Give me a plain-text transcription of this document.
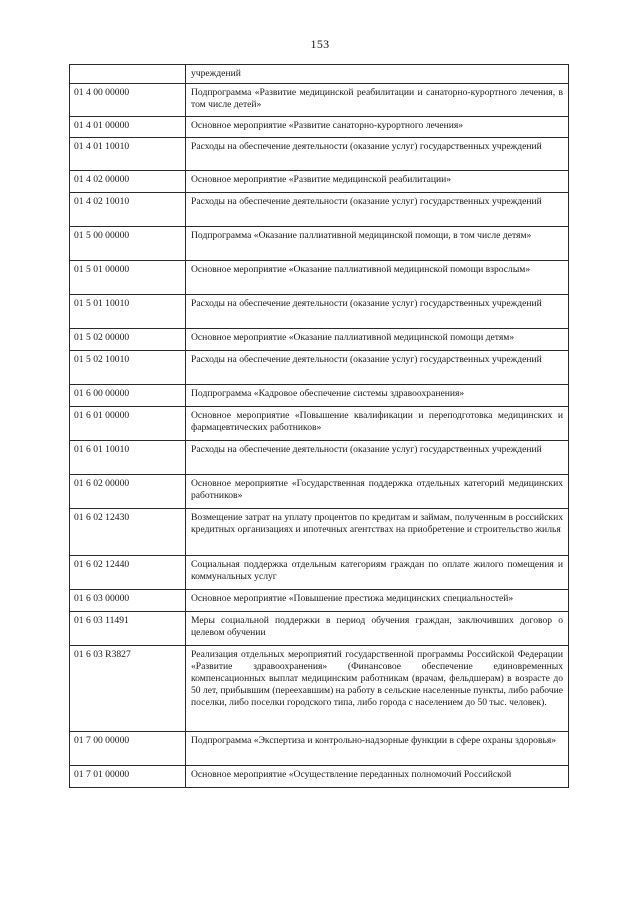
153
	учреждений
01 4 00 00000	Подпрограмма «Развитие медицинской реабилитации и санаторно-курортного лечения, в том числе детей»
01 4 01 00000	Основное мероприятие «Развитие санаторно-курортного лечения»
01 4 01 10010	Расходы на обеспечение деятельности (оказание услуг) государственных учреждений
01 4 02 00000	Основное мероприятие «Развитие медицинской реабилитации»
01 4 02 10010	Расходы на обеспечение деятельности (оказание услуг) государственных учреждений
01 5 00 00000	Подпрограмма «Оказание паллиативной медицинской помощи, в том числе детям»
01 5 01 00000	Основное мероприятие «Оказание паллиативной медицинской помощи взрослым»
01 5 01 10010	Расходы на обеспечение деятельности (оказание услуг) государственных учреждений
01 5 02 00000	Основное мероприятие «Оказание паллиативной медицинской помощи детям»
01 5 02 10010	Расходы на обеспечение деятельности (оказание услуг) государственных учреждений
01 6 00 00000	Подпрограмма «Кадровое обеспечение системы здравоохранения»
01 6 01 00000	Основное мероприятие «Повышение квалификации и переподготовка медицинских и фармацевтических работников»
01 6 01 10010	Расходы на обеспечение деятельности (оказание услуг) государственных учреждений
01 6 02 00000	Основное мероприятие «Государственная поддержка отдельных категорий медицинских работников»
01 6 02 12430	Возмещение затрат на уплату процентов по кредитам и займам, полученным в российских кредитных организациях и ипотечных агентствах на приобретение и строительство жилья
01 6 02 12440	Социальная поддержка отдельным категориям граждан по оплате жилого помещения и коммунальных услуг
01 6 03 00000	Основное мероприятие «Повышение престижа медицинских специальностей»
01 6 03 11491	Меры социальной поддержки в период обучения граждан, заключивших договор о целевом обучении
01 6 03 R3827	Реализация отдельных мероприятий государственной программы Российской Федерации «Развитие здравоохранения» (Финансовое обеспечение единовременных компенсационных выплат медицинским работникам (врачам, фельдшерам) в возрасте до 50 лет, прибывшим (переехавшим) на работу в сельские населенные пункты, либо рабочие поселки, либо поселки городского типа, либо города с населением до 50 тыс. человек).
01 7 00 00000	Подпрограмма «Экспертиза и контрольно-надзорные функции в сфере охраны здоровья»
01 7 01 00000	Основное мероприятие «Осуществление переданных полномочий Российской
